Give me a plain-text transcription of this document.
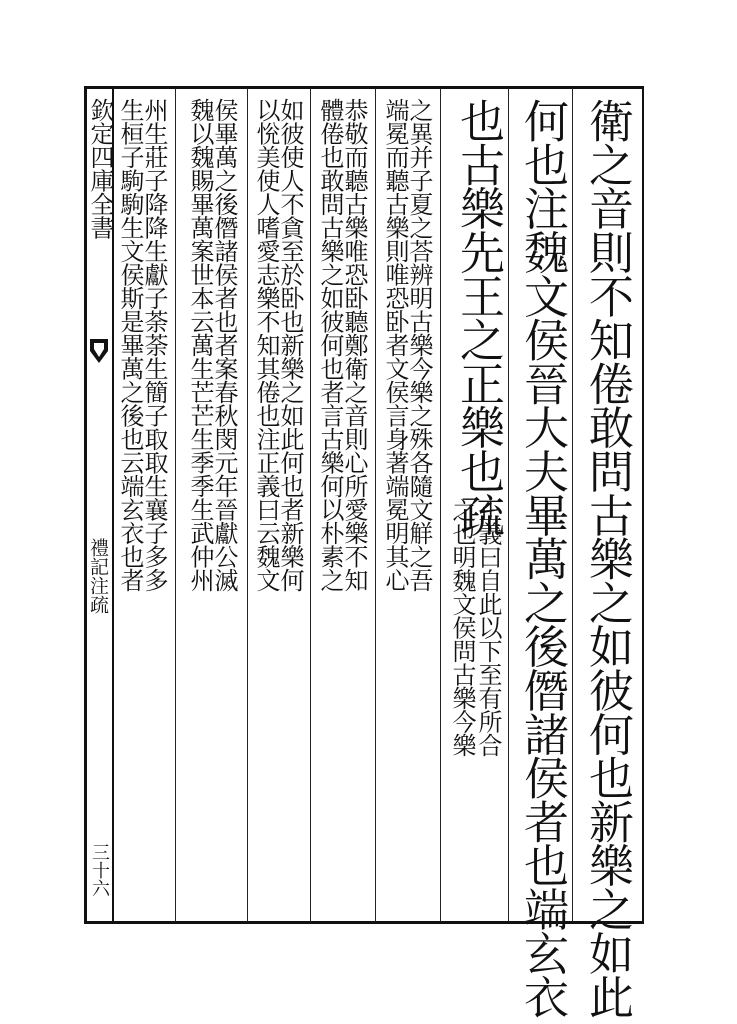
欽定四庫全書
禮記注疏
三十六	衛之音則不知倦敢問古樂之如彼何也新樂之如此
何也注魏文侯晉大夫畢萬之後僭諸侯者也端玄衣
也古樂先王之正樂也疏
正義曰自此以下至有所合
之也明魏文侯問古樂今樂
之異并子夏之荅辨明古樂今樂之殊各隨文觧之吾
端冕而聽古樂則唯恐卧者文侯言身著端冕明其心
恭敬而聽古樂唯恐卧聽鄭衛之音則心所愛樂不知
體倦也敢問古樂之如彼何也者言古樂何以朴素之
如彼使人不貪至於卧也新樂之如此何也者新樂何
以恱美使人嗜愛志樂不知其倦也注正義曰云魏文
侯畢萬之後僭諸侯者也者案春秋閔元年晉獻公滅
魏以魏賜畢萬案世本云萬生芒芒生季季生武仲州
州生莊子降降生獻子荼荼生簡子取取生襄子多多
生桓子駒駒生文侯斯是畢萬之後也云端玄衣也者
